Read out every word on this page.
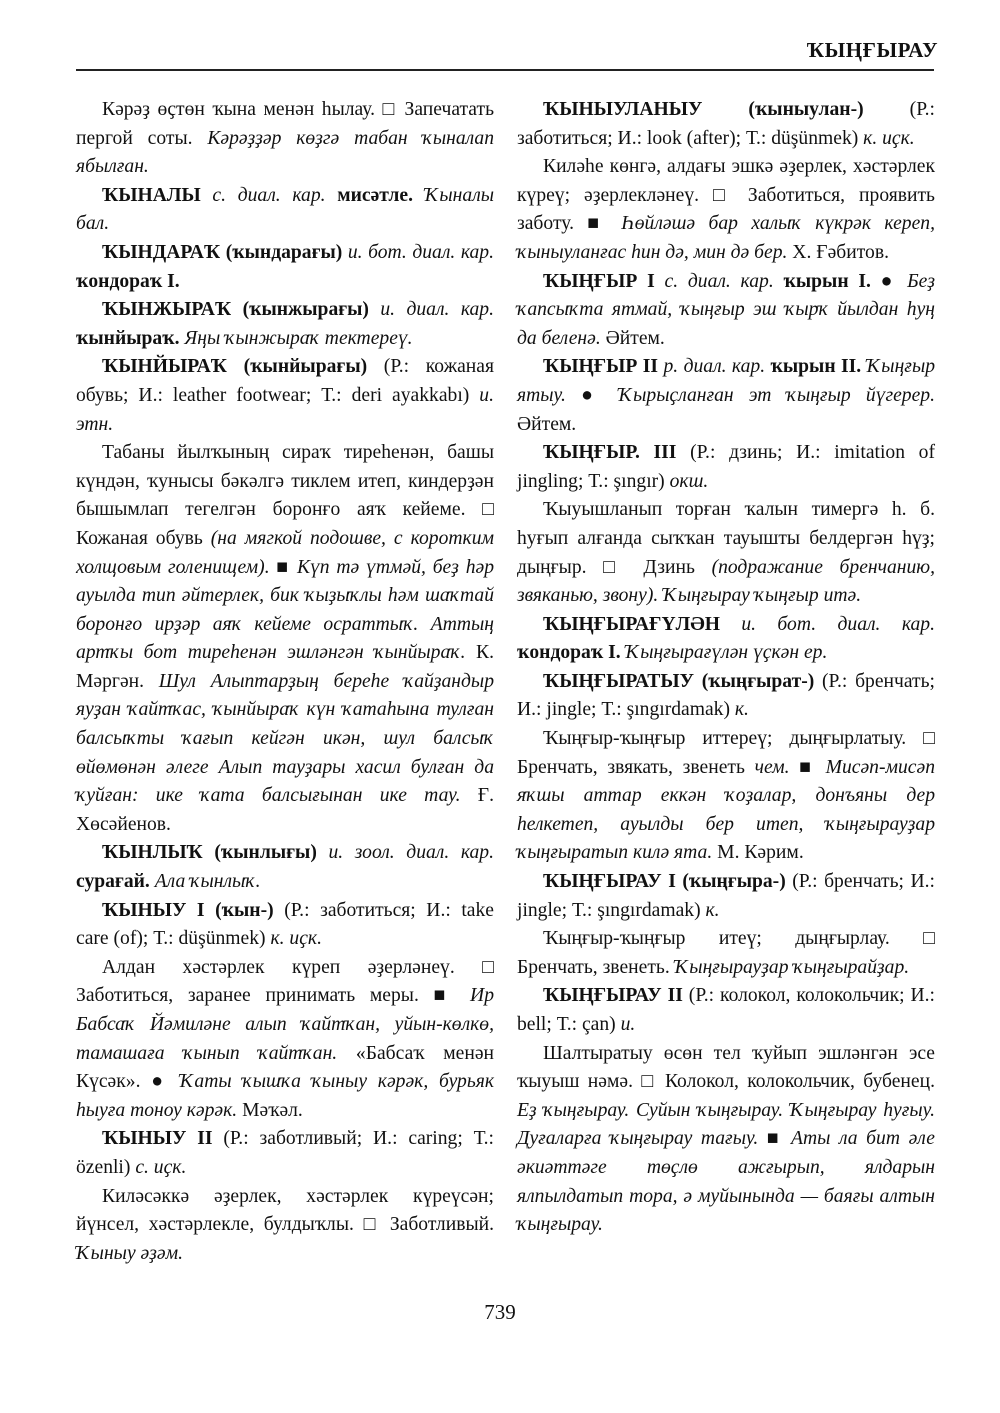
ҠЫҢҒЫРАУ

Кәрәҙ өҫтөн ҡына менән һылау. □ Запечатать пергой соты. Кәрәҙҙәр көҙгә табан ҡыналап ябылған.

ҠЫНАЛЫ с. диал. кар. мисәтле. Ҡыналы бал.

ҠЫНДАРАҠ (ҡындарағы) и. бот. диал. кар. ҡондораҡ I.

ҠЫНЖЫРАҠ (ҡынжырағы) и. диал. кар. ҡынйыраҡ. Яңы ҡынжыраҡ тектереү.

ҠЫНЙЫРАҠ (ҡынйырағы) (Р.: кожаная обувь; И.: leather footwear; Т.: deri ayakkabı) и. этн.

Табаны йылҡының сираҡ тиреһенән, башы күндән, ҡунысы бәкәлгә тиклем итеп, киндерҙән бышымлап тегелгән боронғо аяҡ кейеме. □ Кожаная обувь (на мягкой подошве, с коротким холщовым голенищем). ■ Күп тә үтмәй, беҙ һәр ауылда тип әйтерлек, бик ҡыҙыҡлы һәм шаҡтай боронғо ирҙәр аяҡ кейеме осраттыҡ. Аттың артҡы бот тиреһенән эшләнгән ҡынйыраҡ. К. Мәргән. Шул Алыптарҙың береһе ҡайҙандыр яуҙан ҡайтҡас, ҡынйыраҡ күн ҡатаһына тулған балсыҡты ҡағып кейгән икән, шул балсыҡ өйөмөнән әлеге Алып тауҙары хасил булған да ҡуйған: ике ҡата балсығынан ике тау. Ғ. Хөсәйенов.

ҠЫНЛЫҠ (ҡынлығы) и. зоол. диал. кар. сурағай. Ала ҡынлыҡ.

ҠЫНЫУ I (ҡын-) (Р.: заботиться; И.: take care (of); Т.: düşünmek) к. иҫк.

Алдан хәстәрлек күреп әҙерләнеү. □ Заботиться, заранее принимать меры. ■ Ир Бабсаҡ Йәмиләне алып ҡайтҡан, уйын-көлкө, тамашаға ҡынып ҡайтҡан. «Бабсаҡ менән Күсәк». ● Ҡаты ҡышҡа ҡыныу кәрәк, бурьяк һыуға тоноу кәрәк. Мәҡәл.

ҠЫНЫУ II (Р.: заботливый; И.: caring; Т.: özenli) с. иҫк.

Киләсәккә әҙерлек, хәстәрлек күреүсән; йүнсел, хәстәрлекле, булдыҡлы. □ Заботливый. Ҡыныу әҙәм.

ҠЫНЫУЛАНЫУ (ҡыныулан-) (Р.: заботиться; И.: look (after); Т.: düşünmek) к. иҫк.

Киләһе көнгә, алдағы эшкә әҙерлек, хәстәрлек күреү; әҙерлекләнеү. □ Заботиться, проявить заботу. ■ Һөйләшә бар халыҡ күкрәк кереп, ҡыныуланғас һин дә, мин дә бер. Х. Ғәбитов.

ҠЫҢҒЫР I с. диал. кар. ҡырын I. ● Беҙ ҡапсыҡта ятмай, ҡыңғыр эш ҡырҡ йылдан һуң да беленә. Әйтем.

ҠЫҢҒЫР II р. диал. кар. ҡырын II. Ҡыңғыр ятыу. ● Ҡырыҫланған эт ҡыңғыр йүгерер. Әйтем.

ҠЫҢҒЫР. III (Р.: дзинь; И.: imitation of jingling; Т.: şıngır) окш.

Ҡыуышланып торған ҡалын тимергә һ. б. һуғып алғанда сыҡҡан тауышты белдергән һүҙ; дыңғыр. □ Дзинь (подражание бренчанию, звяканью, звону). Ҡыңғырау ҡыңғыр итә.

ҠЫҢҒЫРАҒҮЛӘН и. бот. диал. кар. ҡондораҡ I. Ҡыңғырағүлән үҫкән ер.

ҠЫҢҒЫРАТЫУ (ҡыңғырат-) (Р.: бренчать; И.: jingle; Т.: şıngırdamak) к.

Ҡыңғыр-ҡыңғыр иттереү; дыңғырлатыу. □ Бренчать, звякать, звенеть чем. ■ Мисәп-мисәп яҡшы аттар еккән ҡоҙалар, донъяны дер һелкетеп, ауылды бер итеп, ҡыңғырауҙар ҡыңғыратып килә ята. М. Кәрим.

ҠЫҢҒЫРАУ I (ҡыңғыра-) (Р.: бренчать; И.: jingle; Т.: şıngırdamak) к.

Ҡыңғыр-ҡыңғыр итеү; дыңғырлау. □ Бренчать, звенеть. Ҡыңғырауҙар ҡыңғырайҙар.

ҠЫҢҒЫРАУ II (Р.: колокол, колокольчик; И.: bell; Т.: çan) и.

Шалтыратыу өсөн тел ҡуйып эшләнгән эсе ҡыуыш нәмә. □ Колокол, колокольчик, бубенец. Еҙ ҡыңғырау. Суйын ҡыңғырау. Ҡыңғырау һуғыу. Дуғаларға ҡыңғырау тағыу. ■ Аты ла бит әле әкиәттәге төҫлө ажғырып, ялдарын ялпылдатып тора, ә муйынында — баяғы алтын ҡыңғырау.

739
